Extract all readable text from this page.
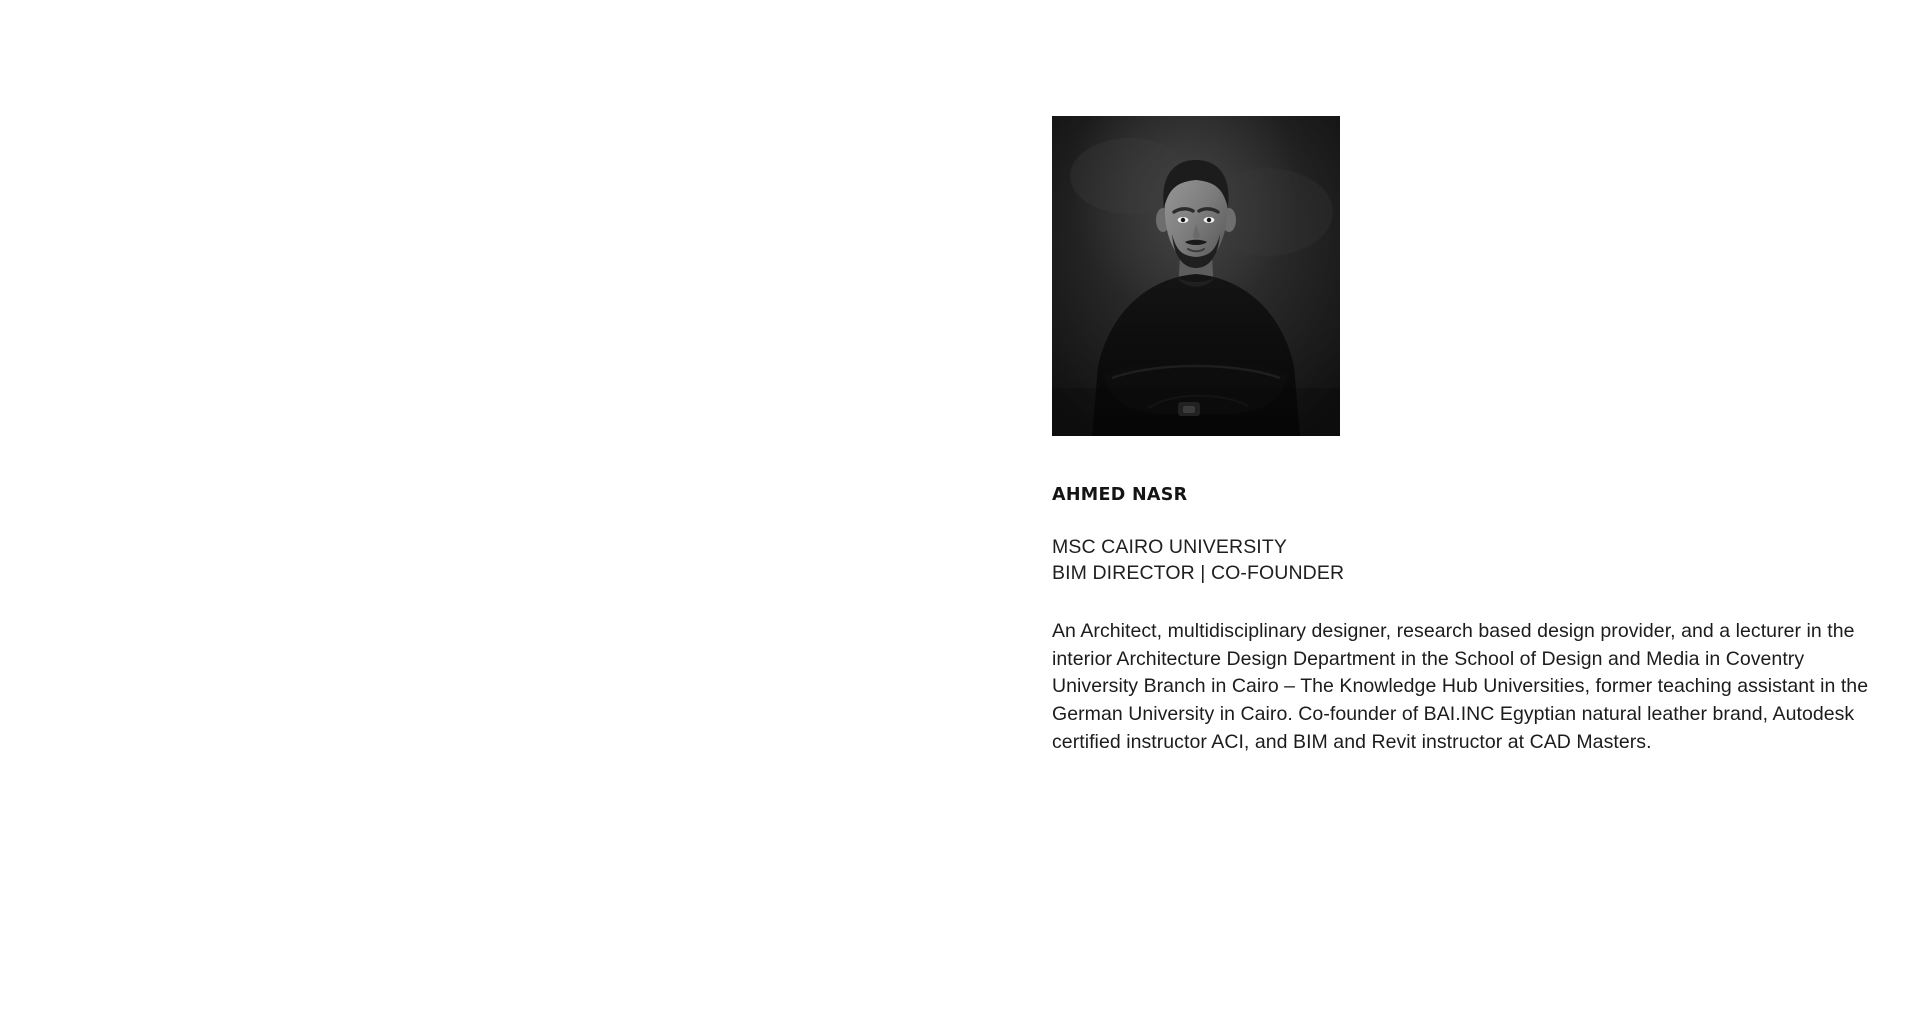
AHMED NASR
MSC CAIRO UNIVERSITY
BIM DIRECTOR | CO-FOUNDER
An Architect, multidisciplinary designer, research based design provider, and a lecturer in the interior Architecture Design Department in the School of Design and Media in Coventry University Branch in Cairo – The Knowledge Hub Universities, former teaching assistant in the German University in Cairo. Co-founder of BAI.INC Egyptian natural leather brand, Autodesk certified instructor ACI, and BIM and Revit instructor at CAD Masters.
